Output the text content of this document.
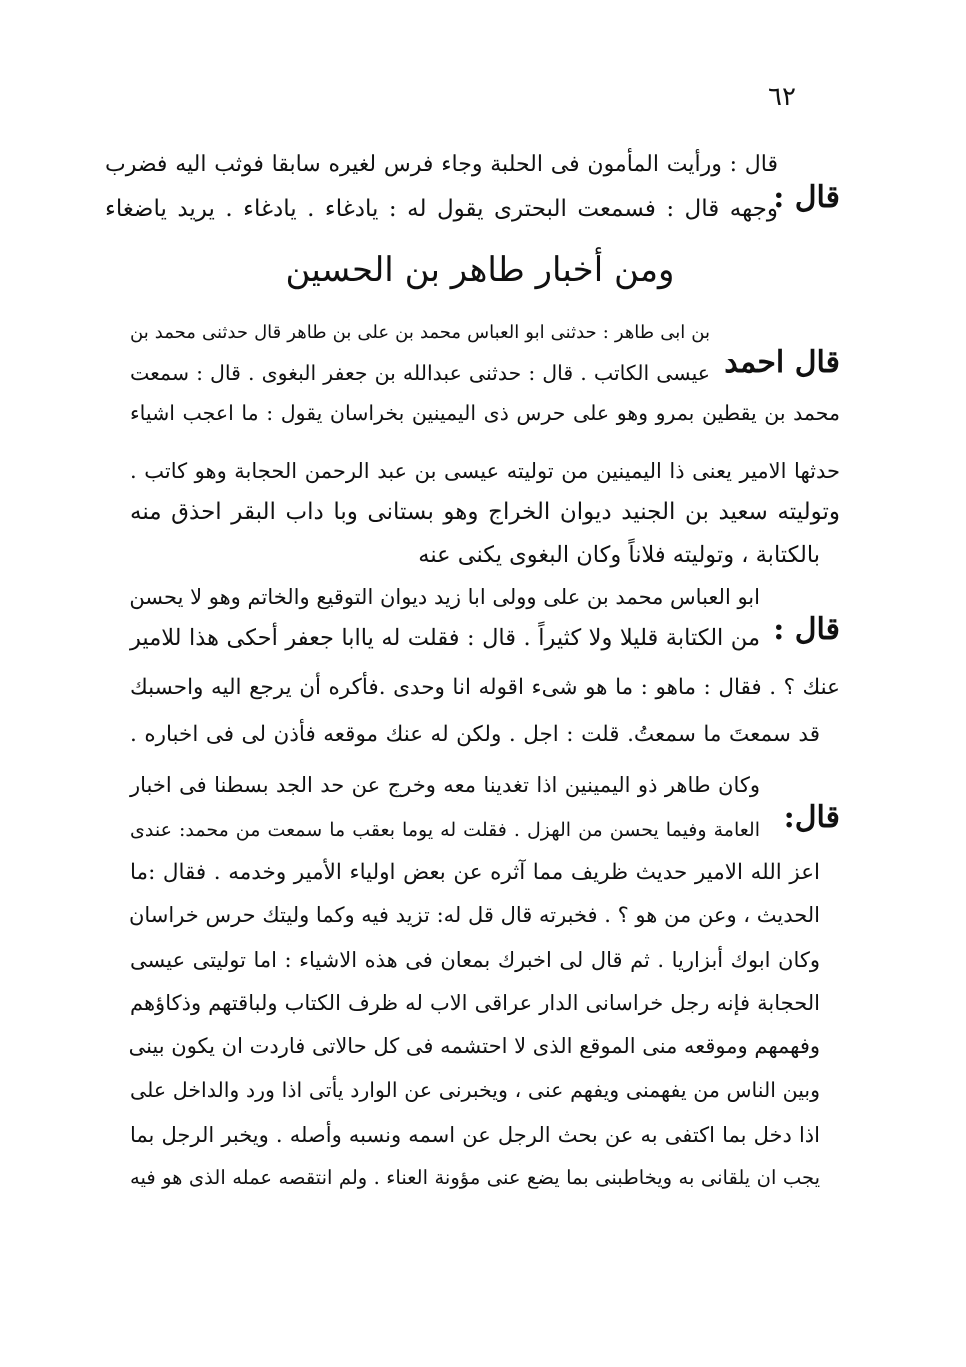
٦٢
قال :
قال : ورأيت المأمون فى الحلبة وجاء فرس لغيره سابقا فوثب اليه فضرب
وجهه قال : فسمعت البحترى يقول له : يادغاء . يادغاء . يريد ياضغاء
ومن أخبار طاهر بن الحسين
قال احمد
بن ابى طاهر : حدثنى ابو العباس محمد بن على بن طاهر قال حدثنى محمد بن
عيسى الكاتب . قال : حدثنى عبدالله بن جعفر البغوى . قال : سمعت
محمد بن يقطين بمرو وهو على حرس ذى اليمينين بخراسان يقول : ما اعجب اشياء
حدثها الامير يعنى ذا اليمينين من توليته عيسى بن عبد الرحمن الحجابة وهو كاتب .
وتوليته سعيد بن الجنيد ديوان الخراج وهو بستانى وبا داب البقر احذق منه
بالكتابة ، وتوليته فلاناً وكان البغوى يكنى عنه
قال :
ابو العباس محمد بن على وولى ابا زيد ديوان التوقيع والخاتم وهو لا يحسن
من الكتابة قليلا ولا كثيراً . قال : فقلت له ياابا جعفر أحكى هذا للامير
عنك ؟ . فقال : ماهو : ما هو شىء اقوله انا وحدى .فأكره أن يرجع اليه واحسبك
قد سمعتَ ما سمعتُ. قلت : اجل . ولكن له عنك موقعه فأذن لى فى اخباره .
قال:
وكان طاهر ذو اليمينين اذا تغدينا معه وخرج عن حد الجد بسطنا فى اخبار
العامة وفيما يحسن من الهزل . فقلت له يوما بعقب ما سمعت من محمد: عندى
اعز الله الامير حديث ظريف مما آثره عن بعض اولياء الأمير وخدمه . فقال :ما
الحديث ، وعن من هو ؟ . فخبرته قال قل له: تزيد فيه وكما وليتك حرس خراسان
وكان ابوك أبزاريا . ثم قال لى اخبرك بمعان فى هذه الاشياء : اما توليتى عيسى
الحجابة فإنه رجل خراسانى الدار عراقى الاب له ظرف الكتاب ولباقتهم وذكاؤهم
وفهمهم وموقعه منى الموقع الذى لا احتشمه فى كل حالاتى فاردت ان يكون بينى
وبين الناس من يفهمنى ويفهم عنى ، ويخبرنى عن الوارد يأتى اذا ورد والداخل على
اذا دخل بما اكتفى به عن بحث الرجل عن اسمه ونسبه وأصله . ويخبر الرجل بما
يجب ان يلقانى به ويخاطبنى بما يضع عنى مؤونة العناء . ولم انتقصه عمله الذى هو فيه
